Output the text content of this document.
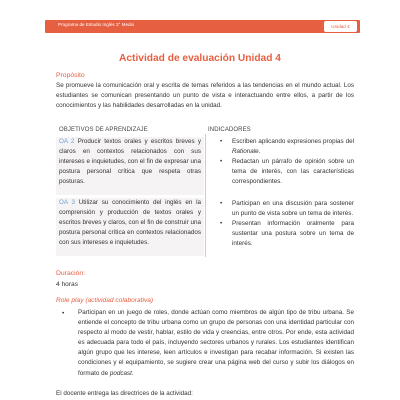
Programa de Estudio Inglés 3° Medio	Unidad 4
Actividad de evaluación Unidad 4
Propósito
Se promueve la comunicación oral y escrita de temas referidos a las tendencias en el mundo actual. Los estudiantes se comunican presentando un punto de vista e interactuando entre ellos, a partir de los conocimientos y las habilidades desarrolladas en la unidad.
OBJETIVOS DE APRENDIZAJE	INDICADORES
OA 2 Producir textos orales y escritos breves y claros en contextos relacionados con sus intereses e inquietudes, con el fin de expresar una postura personal crítica que respeta otras posturas.
OA 3 Utilizar su conocimiento del inglés en la comprensión y producción de textos orales y escritos breves y claros, con el fin de construir una postura personal crítica en contextos relacionados con sus intereses e inquietudes.
• Escriben aplicando expresiones propias del Rationale.
• Redactan un párrafo de opinión sobre un tema de interés, con las características correspondientes.
• Participan en una discusión para sostener un punto de vista sobre un tema de interés.
• Presentan información oralmente para sustentar una postura sobre un tema de interés.
Duración:
4 horas
Role play (actividad colaborativa)
• Participan en un juego de roles, donde actúan como miembros de algún tipo de tribu urbana. Se entiende el concepto de tribu urbana como un grupo de personas con una identidad particular con respecto al modo de vestir, hablar, estilo de vida y creencias, entre otros. Por ende, esta actividad es adecuada para todo el país, incluyendo sectores urbanos y rurales. Los estudiantes identifican algún grupo que les interese, leen artículos e investigan para recabar información. Si existen las condiciones y el equipamiento, se sugiere crear una página web del curso y subir los diálogos en formato de podcast.
El docente entrega las directrices de la actividad:
